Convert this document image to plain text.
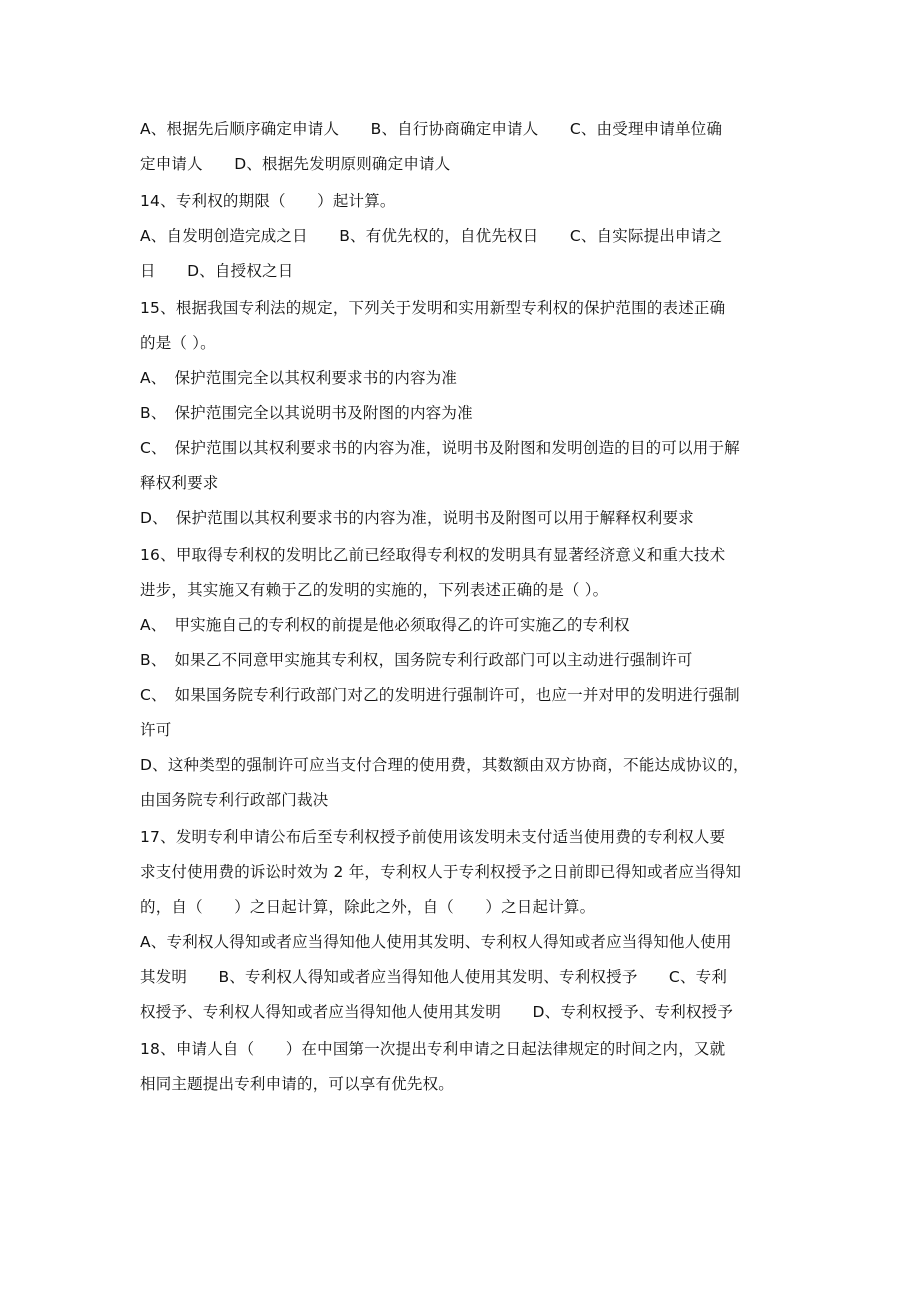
A、根据先后顺序确定申请人　　B、自行协商确定申请人　　C、由受理申请单位确
定申请人　　D、根据先发明原则确定申请人
14、专利权的期限（　　）起计算。
A、自发明创造完成之日　　B、有优先权的，自优先权日　　C、自实际提出申请之
日　　D、自授权之日
15、根据我国专利法的规定，下列关于发明和实用新型专利权的保护范围的表述正确
的是（ ）。
A、　保护范围完全以其权利要求书的内容为准
B、　保护范围完全以其说明书及附图的内容为准
C、　保护范围以其权利要求书的内容为准，说明书及附图和发明创造的目的可以用于解
释权利要求
D、　保护范围以其权利要求书的内容为准，说明书及附图可以用于解释权利要求
16、甲取得专利权的发明比乙前已经取得专利权的发明具有显著经济意义和重大技术
进步，其实施又有赖于乙的发明的实施的，下列表述正确的是（ ）。
A、　甲实施自己的专利权的前提是他必须取得乙的许可实施乙的专利权
B、　如果乙不同意甲实施其专利权，国务院专利行政部门可以主动进行强制许可
C、　如果国务院专利行政部门对乙的发明进行强制许可，也应一并对甲的发明进行强制
许可
D、这种类型的强制许可应当支付合理的使用费，其数额由双方协商，不能达成协议的，
由国务院专利行政部门裁决
17、发明专利申请公布后至专利权授予前使用该发明未支付适当使用费的专利权人要
求支付使用费的诉讼时效为 2 年，专利权人于专利权授予之日前即已得知或者应当得知
的，自（　　）之日起计算，除此之外，自（　　）之日起计算。
A、专利权人得知或者应当得知他人使用其发明、专利权人得知或者应当得知他人使用
其发明　　B、专利权人得知或者应当得知他人使用其发明、专利权授予　　C、专利
权授予、专利权人得知或者应当得知他人使用其发明　　D、专利权授予、专利权授予
18、申请人自（　　）在中国第一次提出专利申请之日起法律规定的时间之内，又就
相同主题提出专利申请的，可以享有优先权。
